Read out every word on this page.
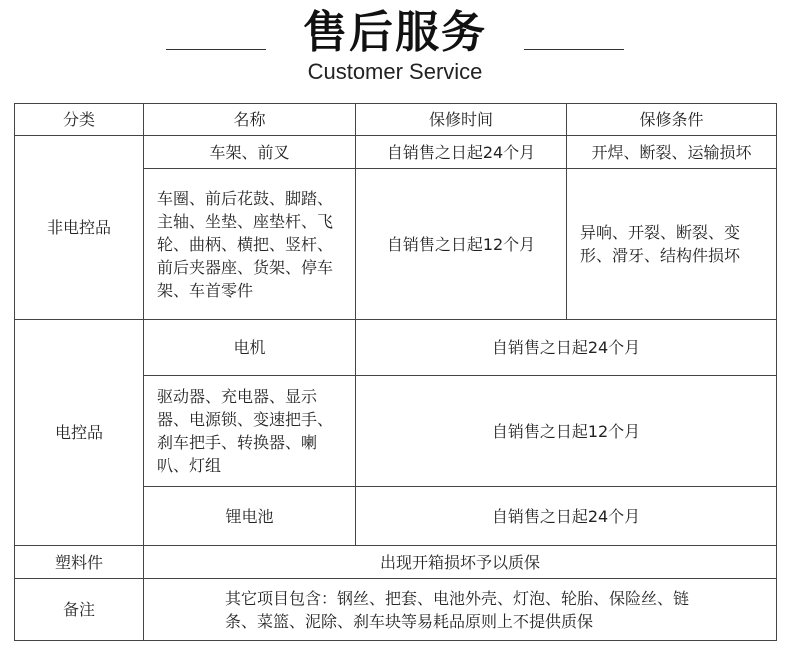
售后服务
Customer Service
分类	名称	保修时间	保修条件
非电控品	车架、前叉	自销售之日起24个月	开焊、断裂、运输损坏
	车圈、前后花鼓、脚踏、主轴、坐垫、座垫杆、飞轮、曲柄、横把、竖杆、前后夹器座、货架、停车架、车首零件	自销售之日起12个月	异响、开裂、断裂、变形、滑牙、结构件损坏
电控品	电机	自销售之日起24个月	
	驱动器、充电器、显示器、电源锁、变速把手、刹车把手、转换器、喇叭、灯组	自销售之日起12个月	
	锂电池	自销售之日起24个月	
塑料件	出现开箱损坏予以质保		
备注	其它项目包含：钢丝、把套、电池外壳、灯泡、轮胎、保险丝、链条、菜篮、泥除、刹车块等易耗品原则上不提供质保		
